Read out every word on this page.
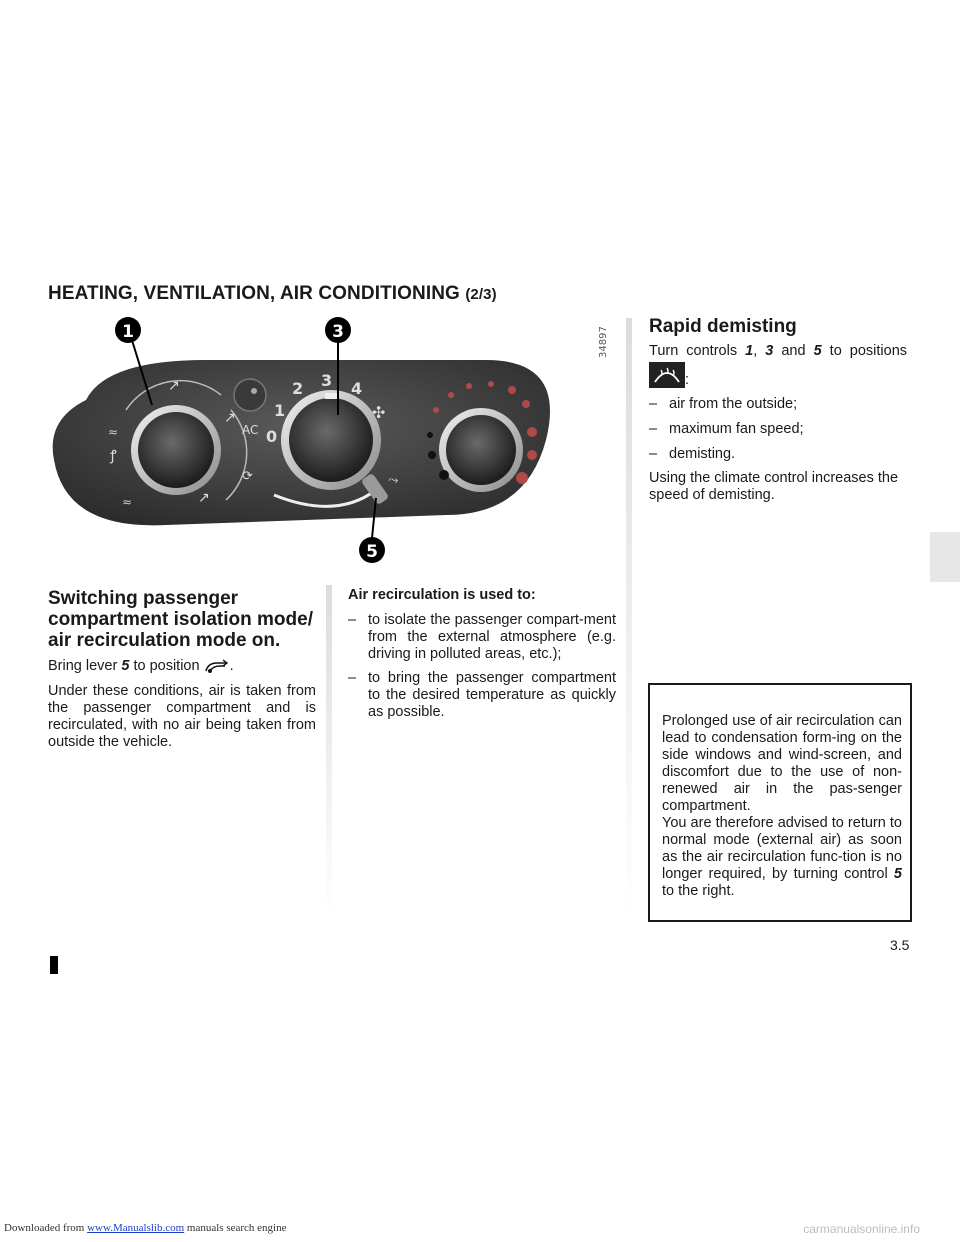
Downloaded from www.Manualslib.com manuals search engine	carmanualsonline.info
HEATING, VENTILATION, AIR CONDITIONING (2/3)
≈
ꝭ
↗
↗
↗
≈
AC 0
1
2 3 4
✣
⟳	⤳
1	3
5
34897
Switching passenger compartment isolation mode/ air recirculation mode on.
Bring lever 5 to position .
Under these conditions, air is taken from the passenger compartment and is recirculated, with no air being taken from outside the vehicle.
Air recirculation is used to:
– to isolate the passenger compart-ment from the external atmosphere (e.g. driving in polluted areas, etc.);
– to bring the passenger compartment to the desired temperature as quickly as possible.
Rapid demisting
Turn controls 1, 3 and 5 to positions
:
– air from the outside;
– maximum fan speed;
– demisting.
Using the climate control increases the speed of demisting.
Prolonged use of air recirculation can lead to condensation form-ing on the side windows and wind-screen, and discomfort due to the use of non-renewed air in the pas-senger compartment.
You are therefore advised to return to normal mode (external air) as soon as the air recirculation func-tion is no longer required, by turning control 5 to the right.
3.5
